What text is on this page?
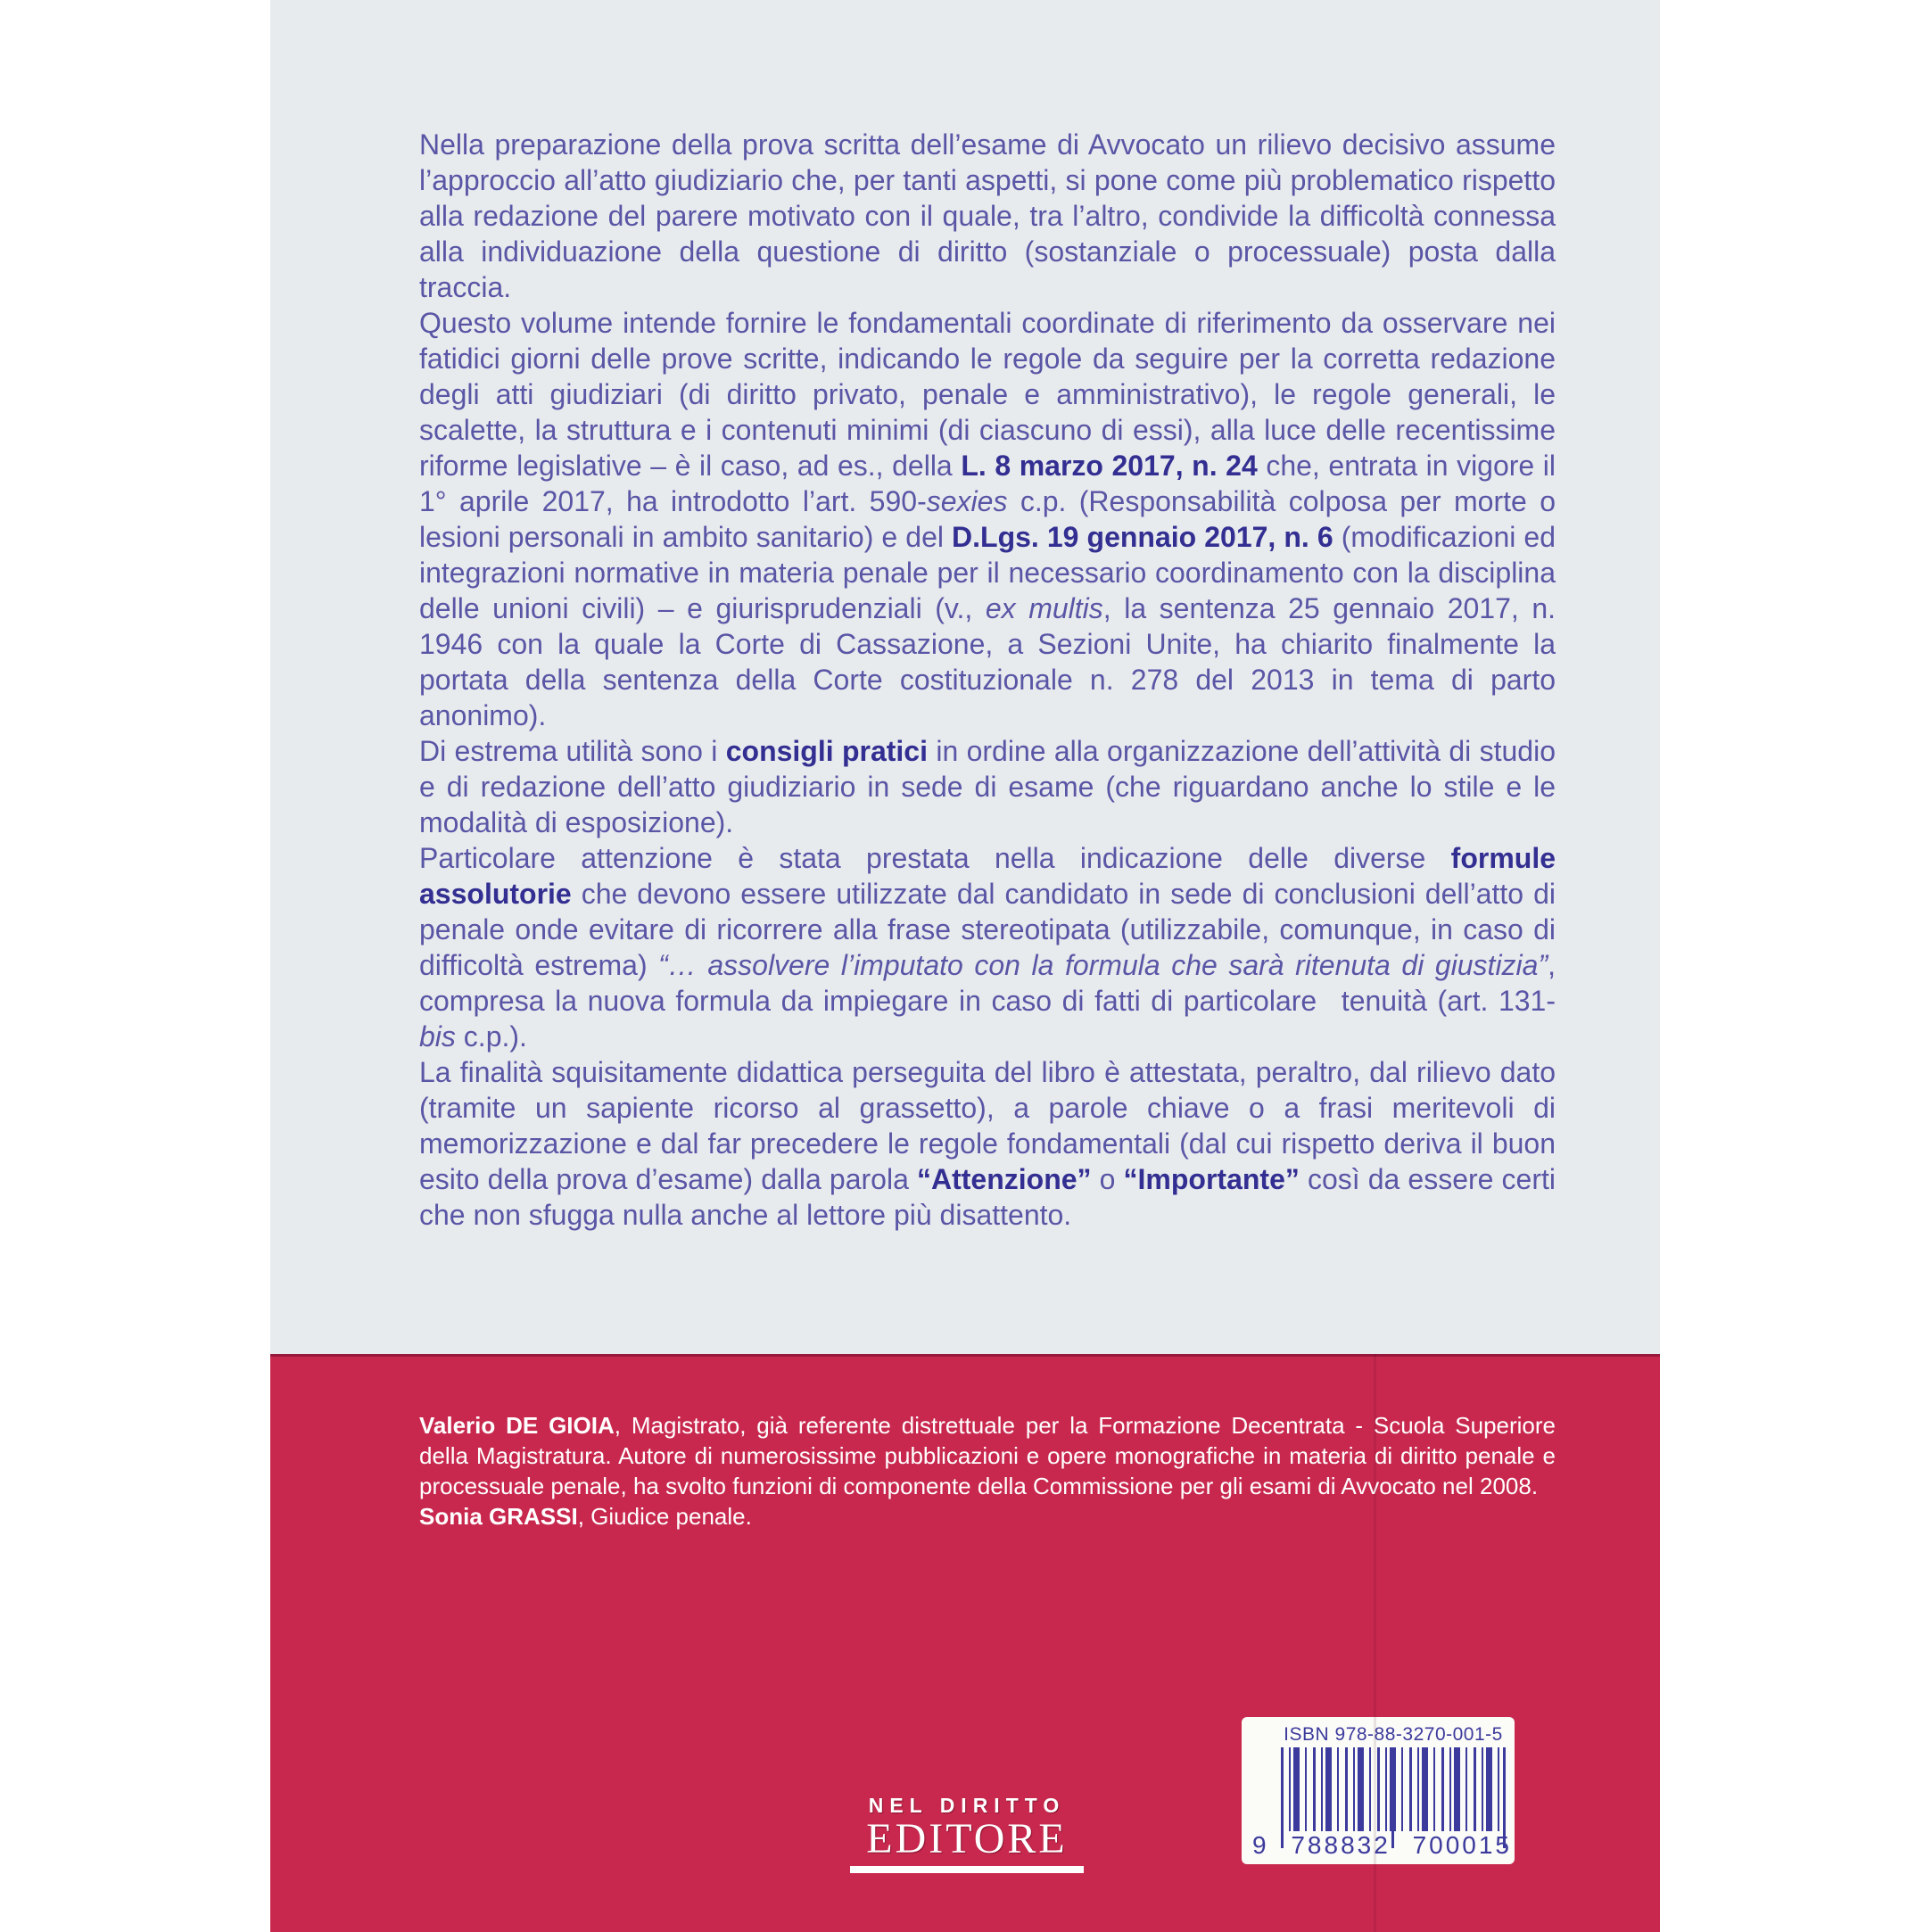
Nella preparazione della prova scritta dell’esame di Avvocato un rilievo decisivo assume l’approccio all’atto giudiziario che, per tanti aspetti, si pone come più problematico rispetto alla redazione del parere motivato con il quale, tra l’altro, condivide la difficoltà connessa alla individuazione della questione di diritto (sostanziale o processuale) posta dalla traccia.
Questo volume intende fornire le fondamentali coordinate di riferimento da osservare nei fatidici giorni delle prove scritte, indicando le regole da seguire per la corretta redazione degli atti giudiziari (di diritto privato, penale e amministrativo), le regole generali, le scalette, la struttura e i contenuti minimi (di ciascuno di essi), alla luce delle recentissime riforme legislative – è il caso, ad es., della L. 8 marzo 2017, n. 24 che, entrata in vigore il 1° aprile 2017, ha introdotto l’art. 590-sexies c.p. (Responsabilità colposa per morte o lesioni personali in ambito sanitario) e del D.Lgs. 19 gennaio 2017, n. 6 (modificazioni ed integrazioni normative in materia penale per il necessario coordinamento con la disciplina delle unioni civili) – e giurisprudenziali (v., ex multis, la sentenza 25 gennaio 2017, n. 1946 con la quale la Corte di Cassazione, a Sezioni Unite, ha chiarito finalmente la portata della sentenza della Corte costituzionale n. 278 del 2013 in tema di parto anonimo).
Di estrema utilità sono i consigli pratici in ordine alla organizzazione dell’attività di studio e di redazione dell’atto giudiziario in sede di esame (che riguardano anche lo stile e le modalità di esposizione).
Particolare attenzione è stata prestata nella indicazione delle diverse formule assolutorie che devono essere utilizzate dal candidato in sede di conclusioni dell’atto di penale onde evitare di ricorrere alla frase stereotipata (utilizzabile, comunque, in caso di difficoltà estrema) “… assolvere l’imputato con la formula che sarà ritenuta di giustizia”, compresa la nuova formula da impiegare in caso di fatti di particolare  tenuità (art. 131-bis c.p.).
La finalità squisitamente didattica perseguita del libro è attestata, peraltro, dal rilievo dato (tramite un sapiente ricorso al grassetto), a parole chiave o a frasi meritevoli di memorizzazione e dal far precedere le regole fondamentali (dal cui rispetto deriva il buon esito della prova d’esame) dalla parola “Attenzione” o “Importante” così da essere certi che non sfugga nulla anche al lettore più disattento.
Valerio DE GIOIA, Magistrato, già referente distrettuale per la Formazione Decentrata - Scuola Superiore della Magistratura. Autore di numerosissime pubblicazioni e opere monografiche in materia di diritto penale e processuale penale, ha svolto funzioni di componente della Commissione per gli esami di Avvocato nel 2008.
Sonia GRASSI, Giudice penale.
NEL DIRITTO
EDITORE
ISBN 978-88-3270-001-5
9 788832 700015
